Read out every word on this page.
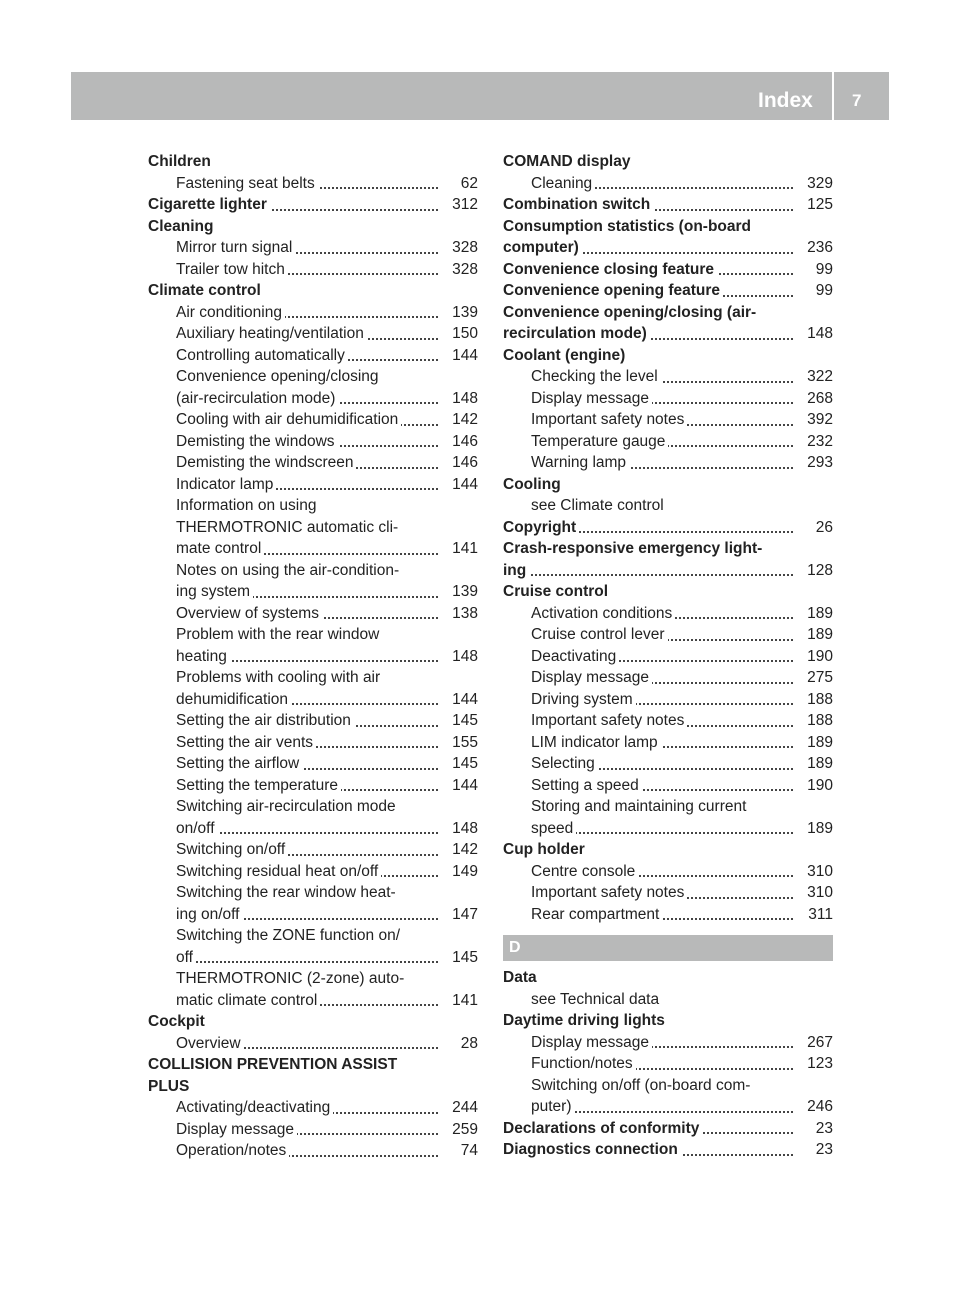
Index 7
Children
Fastening seat belts	62
Cigarette lighter	312
Cleaning
Mirror turn signal	328
Trailer tow hitch	328
Climate control
Air conditioning	139
Auxiliary heating/ventilation	150
Controlling automatically	144
Convenience opening/closing
(air-recirculation mode)	148
Cooling with air dehumidification	142
Demisting the windows	146
Demisting the windscreen	146
Indicator lamp	144
Information on using
THERMOTRONIC automatic cli-
mate control	141
Notes on using the air-condition-
ing system	139
Overview of systems	138
Problem with the rear window
heating	148
Problems with cooling with air
dehumidification	144
Setting the air distribution	145
Setting the air vents	155
Setting the airflow	145
Setting the temperature	144
Switching air-recirculation mode
on/off	148
Switching on/off	142
Switching residual heat on/off	149
Switching the rear window heat-
ing on/off	147
Switching the ZONE function on/
off	145
THERMOTRONIC (2-zone) auto-
matic climate control	141
Cockpit
Overview	28
COLLISION PREVENTION ASSIST
PLUS
Activating/deactivating	244
Display message	259
Operation/notes	74
COMAND display
Cleaning	329
Combination switch	125
Consumption statistics (on-board
computer)	236
Convenience closing feature	99
Convenience opening feature	99
Convenience opening/closing (air-
recirculation mode)	148
Coolant (engine)
Checking the level	322
Display message	268
Important safety notes	392
Temperature gauge	232
Warning lamp	293
Cooling
see Climate control
Copyright	26
Crash-responsive emergency light-
ing	128
Cruise control
Activation conditions	189
Cruise control lever	189
Deactivating	190
Display message	275
Driving system	188
Important safety notes	188
LIM indicator lamp	189
Selecting	189
Setting a speed	190
Storing and maintaining current
speed	189
Cup holder
Centre console	310
Important safety notes	310
Rear compartment	311
D
Data
see Technical data
Daytime driving lights
Display message	267
Function/notes	123
Switching on/off (on-board com-
puter)	246
Declarations of conformity	23
Diagnostics connection	23
